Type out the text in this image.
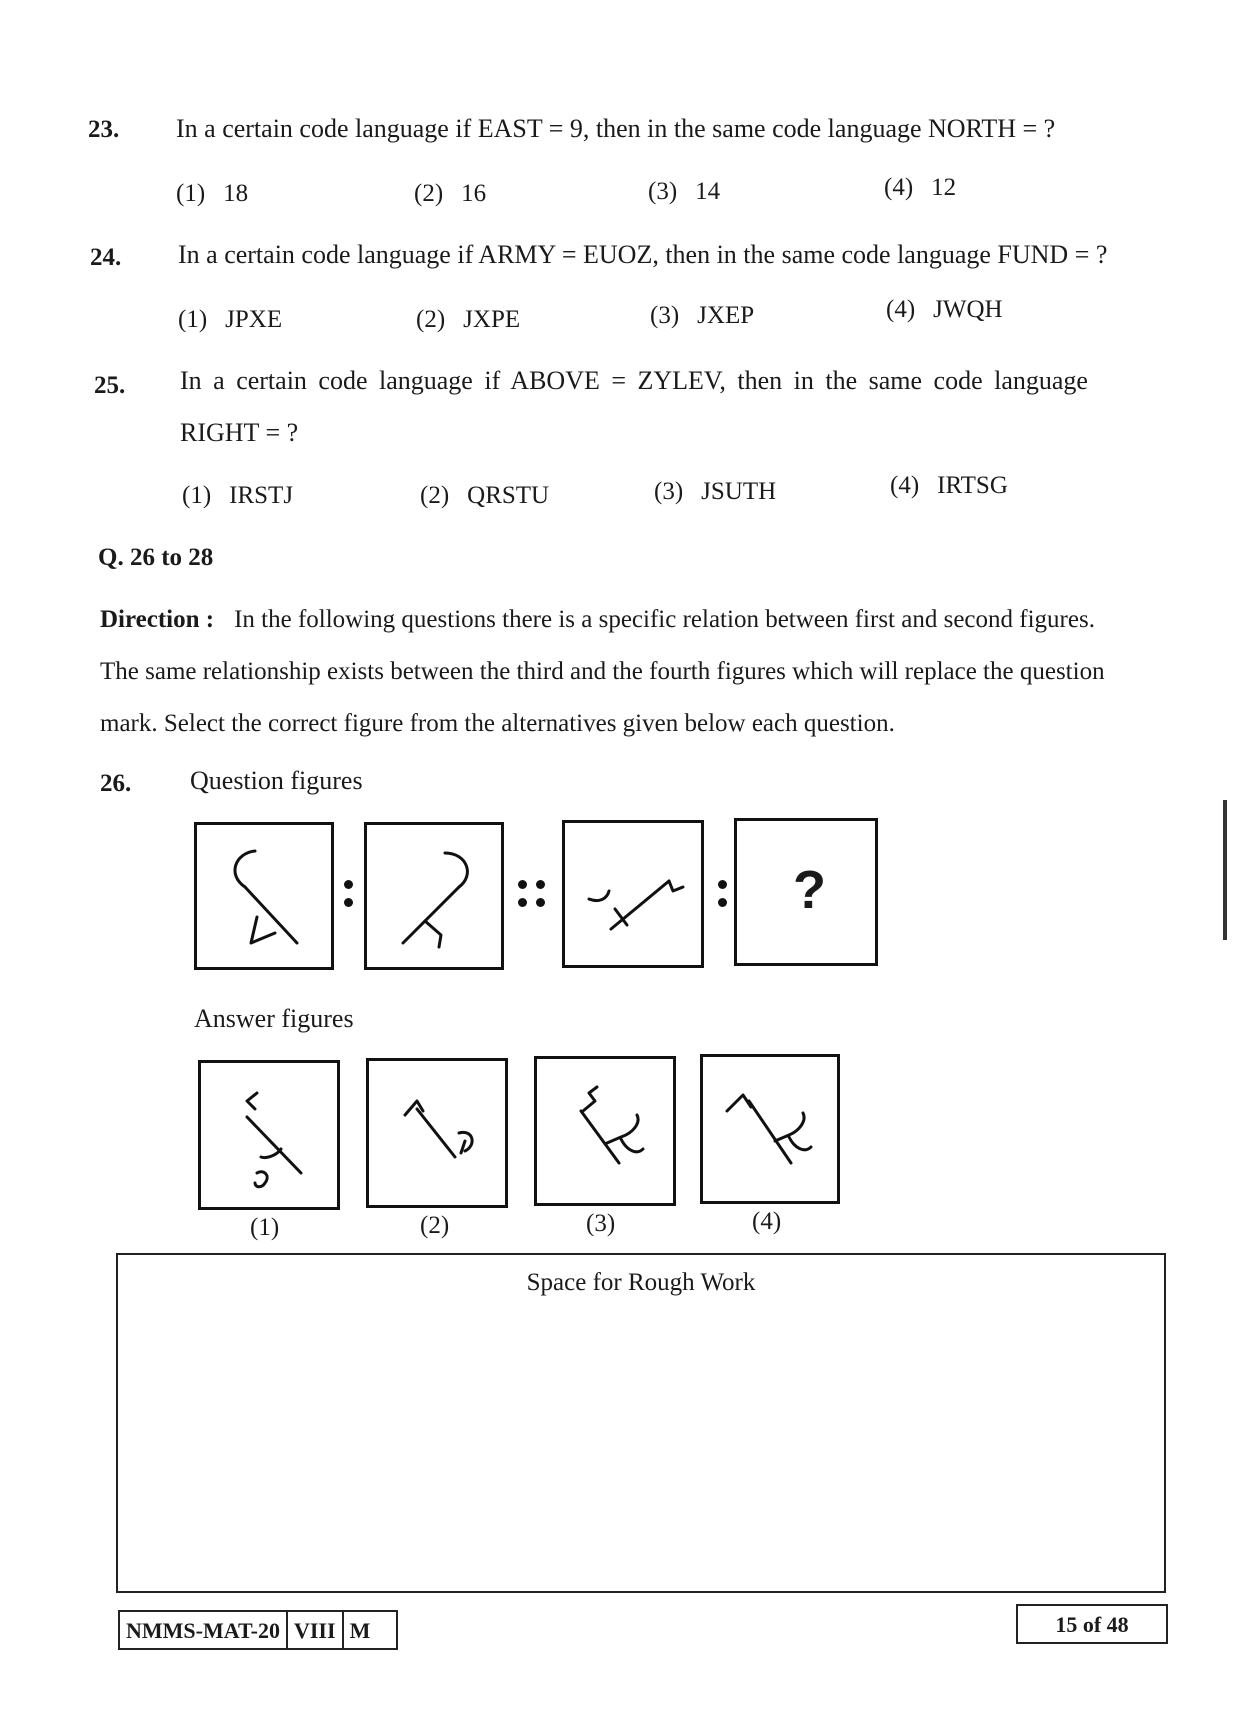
23. In a certain code language if EAST = 9, then in the same code language NORTH = ?
(1) 18	(2) 16	(3) 14	(4) 12
24. In a certain code language if ARMY = EUOZ, then in the same code language FUND = ?
(1) JPXE	(2) JXPE	(3) JXEP	(4) JWQH
25. In a certain code language if ABOVE = ZYLEV, then in the same code language
RIGHT = ?
(1) IRSTJ	(2) QRSTU	(3) JSUTH	(4) IRTSG
Q. 26 to 28
Direction : In the following questions there is a specific relation between first and second figures.
The same relationship exists between the third and the fourth figures which will replace the question
mark. Select the correct figure from the alternatives given below each question.
26. Question figures
?
Answer figures
(1)	(2)	(3)	(4)
Space for Rough Work
NMMS-MAT-20 VIII M	15 of 48
